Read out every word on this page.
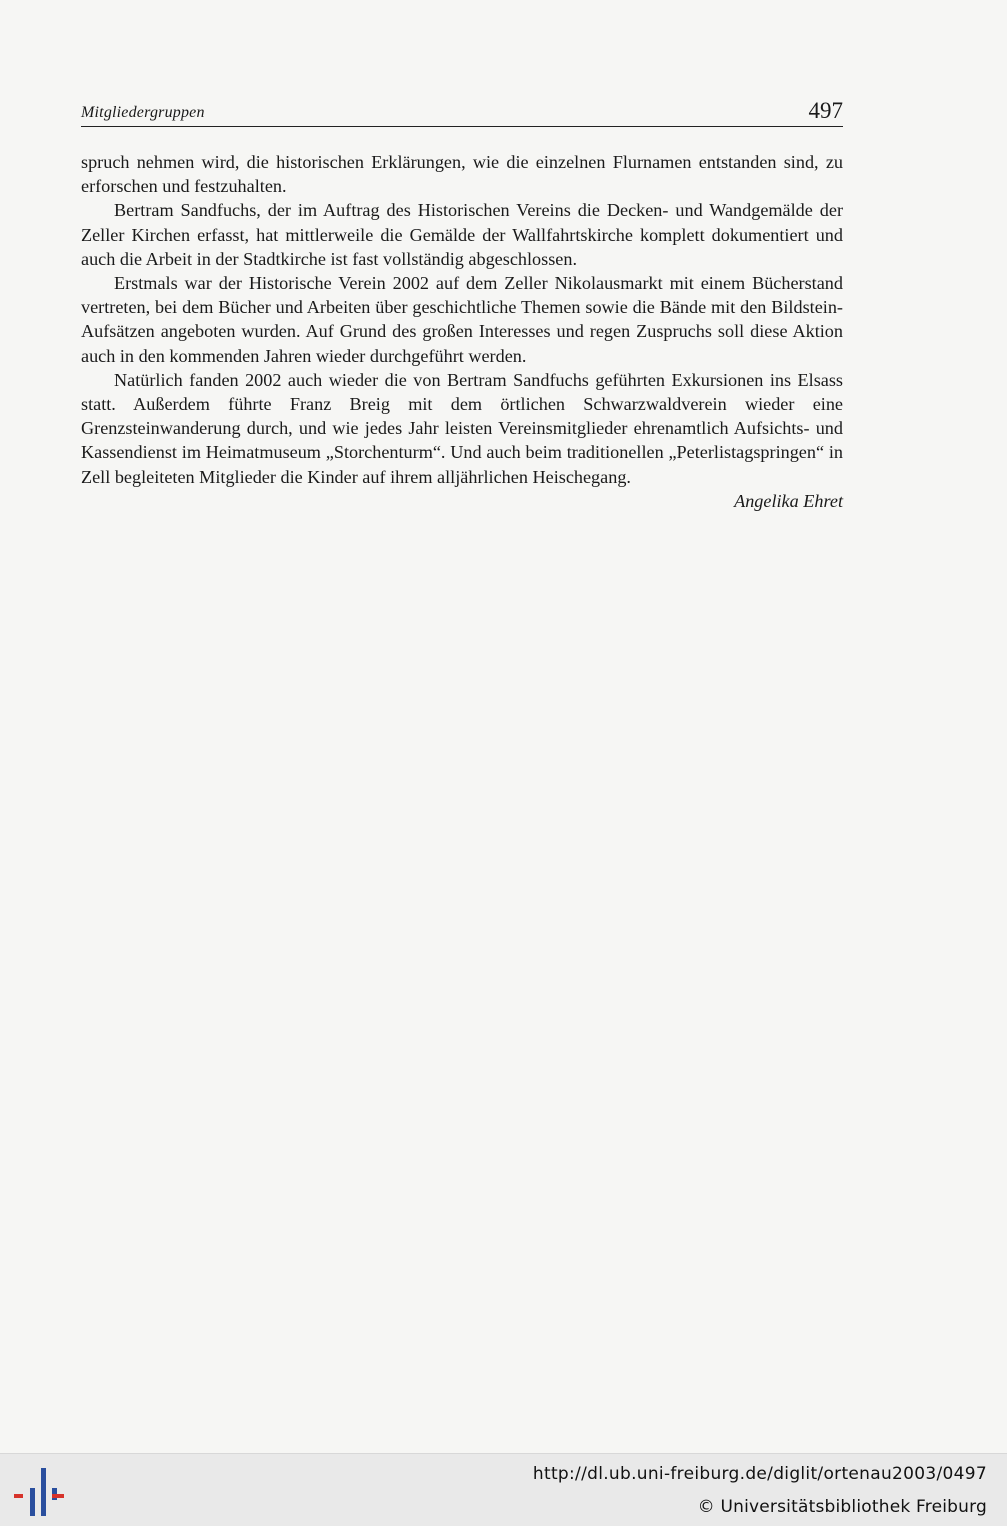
Mitgliedergruppen	497

spruch nehmen wird, die historischen Erklärungen, wie die einzelnen Flurnamen entstanden sind, zu erforschen und festzuhalten.

Bertram Sandfuchs, der im Auftrag des Historischen Vereins die Decken- und Wandgemälde der Zeller Kirchen erfasst, hat mittlerweile die Gemälde der Wallfahrtskirche komplett dokumentiert und auch die Arbeit in der Stadtkirche ist fast vollständig abgeschlossen.

Erstmals war der Historische Verein 2002 auf dem Zeller Nikolausmarkt mit einem Bücherstand vertreten, bei dem Bücher und Arbeiten über geschichtliche Themen sowie die Bände mit den Bildstein-Aufsätzen angeboten wurden. Auf Grund des großen Interesses und regen Zuspruchs soll diese Aktion auch in den kommenden Jahren wieder durchgeführt werden.

Natürlich fanden 2002 auch wieder die von Bertram Sandfuchs geführten Exkursionen ins Elsass statt. Außerdem führte Franz Breig mit dem örtlichen Schwarzwaldverein wieder eine Grenzsteinwanderung durch, und wie jedes Jahr leisten Vereinsmitglieder ehrenamtlich Aufsichts- und Kassendienst im Heimatmuseum „Storchenturm“. Und auch beim traditionellen „Peterlistagspringen“ in Zell begleiteten Mitglieder die Kinder auf ihrem alljährlichen Heischegang.

Angelika Ehret

http://dl.ub.uni-freiburg.de/diglit/ortenau2003/0497
© Universitätsbibliothek Freiburg
